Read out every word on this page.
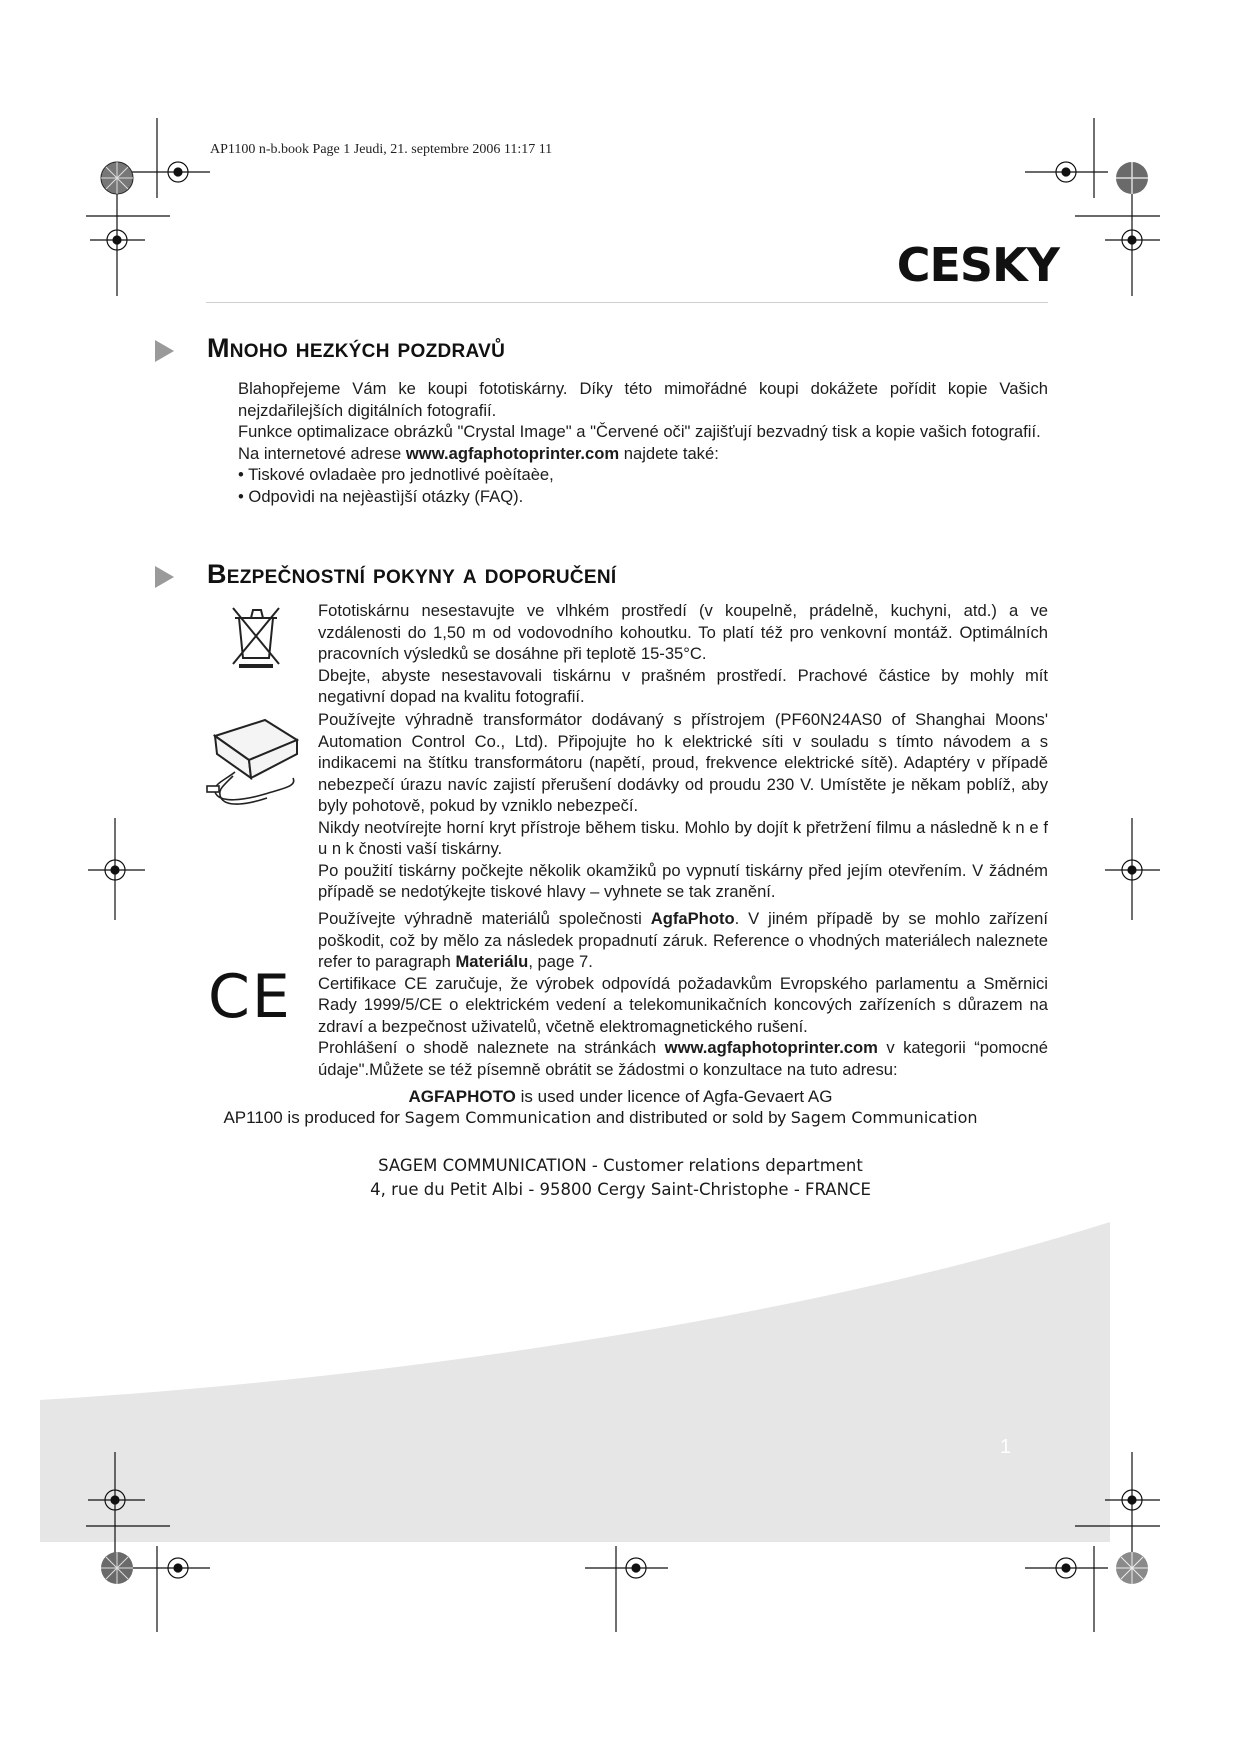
AP1100 n-b.book Page 1 Jeudi, 21. septembre 2006 11:17 11
CESKY
Mnoho hezkých pozdravů

Blahopřejeme Vám ke koupi fototiskárny. Díky této mimořádné koupi dokážete pořídit kopie Vašich nejzdařilejších digitálních fotografií.

Funkce optimalizace obrázků "Crystal Image" a "Červené oči" zajišťují bezvadný tisk a kopie vašich fotografií.

Na internetové adrese www.agfaphotoprinter.com najdete také:

• Tiskové ovladaèe pro jednotlivé poèítaèe,

• Odpovìdi na nejèastìjší otázky (FAQ).

Bezpečnostní pokyny a doporučení

Fototiskárnu nesestavujte ve vlhkém prostředí (v koupelně, prádelně, kuchyni, atd.) a ve vzdálenosti do 1,50 m od vodovodního kohoutku. To platí též pro venkovní montáž. Optimálních pracovních výsledků se dosáhne při teplotě 15-35°C.

Dbejte, abyste nesestavovali tiskárnu v prašném prostředí. Prachové částice by mohly mít negativní dopad na kvalitu fotografií.

Používejte výhradně transformátor dodávaný s přístrojem (PF60N24AS0 of Shanghai Moons' Automation Control Co., Ltd). Připojujte ho k elektrické síti v souladu s tímto návodem a s indikacemi na štítku transformátoru (napětí, proud, frekvence elektrické sítě). Adaptéry v případě nebezpečí úrazu navíc zajistí přerušení dodávky od proudu 230 V. Umístěte je někam poblíž, aby byly pohotově, pokud by vzniklo nebezpečí.

Nikdy neotvírejte horní kryt přístroje během tisku. Mohlo by dojít k přetržení filmu a následně k n e f u n k čnosti vaší tiskárny.

Po použití tiskárny počkejte několik okamžiků po vypnutí tiskárny před jejím otevřením. V žádném případě se nedotýkejte tiskové hlavy – vyhnete se tak zranění.

CE

Používejte výhradně materiálů společnosti AgfaPhoto. V jiném případě by se mohlo zařízení poškodit, což by mělo za následek propadnutí záruk. Reference o vhodných materiálech naleznete refer to paragraph Materiálu, page 7.

Certifikace CE zaručuje, že výrobek odpovídá požadavkům Evropského parlamentu a Směrnici Rady 1999/5/CE o elektrickém vedení a telekomunikačních koncových zařízeních s důrazem na zdraví a bezpečnost uživatelů, včetně elektromagnetického rušení.

Prohlášení o shodě naleznete na stránkách www.agfaphotoprinter.com v kategorii “pomocné údaje".Můžete se též písemně obrátit se žádostmi o konzultace na tuto adresu:

AGFAPHOTO is used under licence of Agfa-Gevaert AG
AP1100 is produced for Sagem Communication and distributed or sold by Sagem Communication
SAGEM COMMUNICATION - Customer relations department
4, rue du Petit Albi - 95800 Cergy Saint-Christophe - FRANCE
1
